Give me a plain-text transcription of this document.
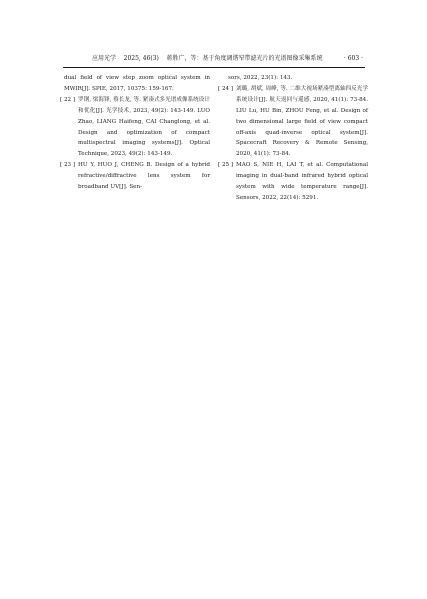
应用光学 2025, 46(3) 蒋胜广，等：基于角度调谐窄带滤光片的光谱图像采集系统	· 603 ·
dual field of view step zoom optical system in MWIR[J]. SPIE, 2017, 10375: 159-167.
[ 22 ] 罗钢, 梁海锋, 蔡长龙, 等. 紧凑式多光谱成像系统设计和优化[J]. 光学技术, 2023, 49(2): 143-149. LUO Zhao, LIANG Haifeng, CAI Changlong, et al. Design and optimization of compact multispectral imaging systems[J]. Optical Technique, 2023, 49(2): 143-149.
[ 23 ] HU Y, HUO J, CHENG B. Design of a hybrid refractive/diffractive lens system for broadband UV[J]. Sen-
sors, 2022, 23(1): 143.
[ 24 ] 刘璐, 胡斌, 周峰, 等. 二维大视场紧凑型离轴四反光学系统设计[J]. 航天返回与遥感, 2020, 41(1): 73-84. LIU Lu, HU Bin, ZHOU Feng, et al. Design of two dimensional large field of view compact off-axis quad-inverse optical system[J]. Spacecraft Recovery & Remote Sensing, 2020, 41(1): 73-84.
[ 25 ] MAO S, NIE H, LAI T, et al. Computational imaging in dual-band infrared hybrid optical system with wide temperature range[J]. Sensors, 2022, 22(14): 5291.
